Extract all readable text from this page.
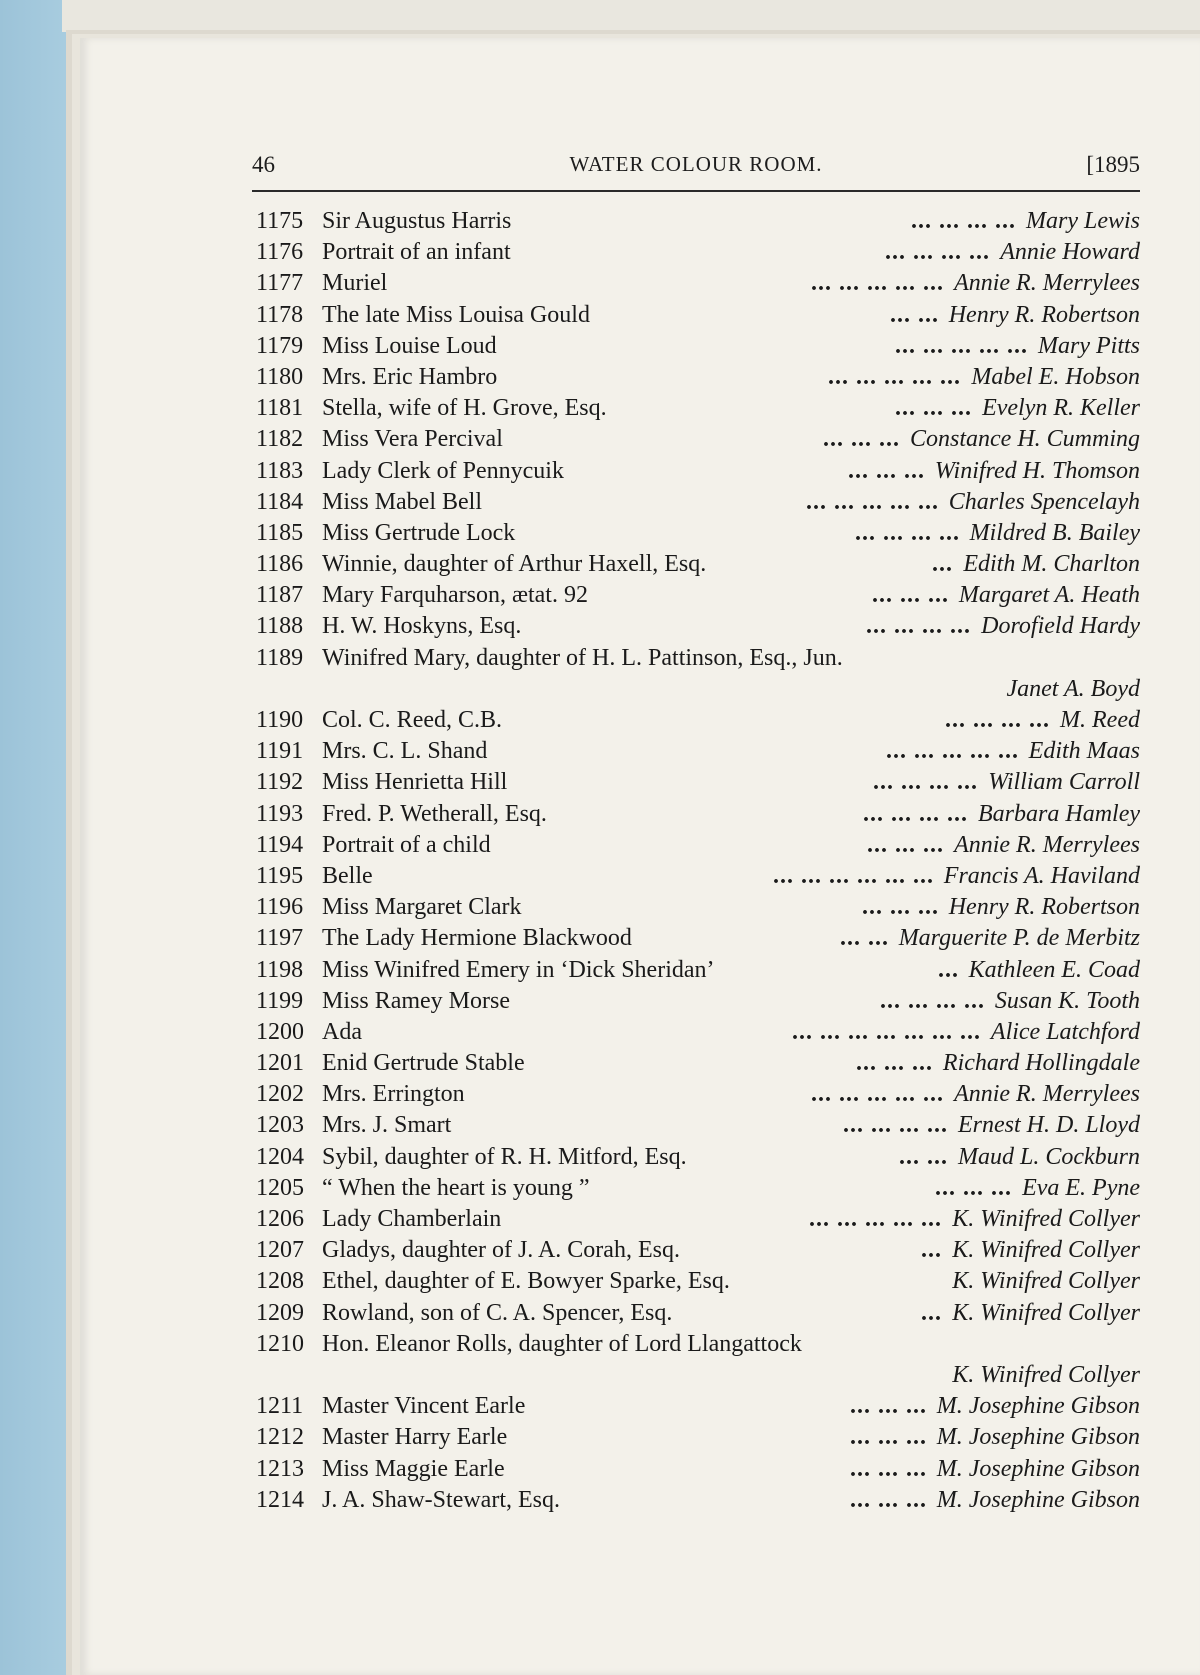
WATER COLOUR ROOM.
46	[1895
1175 Sir Augustus Harris	... ... ... ... Mary Lewis
1176 Portrait of an infant	... ... ... ... Annie Howard
1177 Muriel	... ... ... ... ... Annie R. Merrylees
1178 The late Miss Louisa Gould	... ... Henry R. Robertson
1179 Miss Louise Loud	... ... ... ... ... Mary Pitts
1180 Mrs. Eric Hambro	... ... ... ... ... Mabel E. Hobson
1181 Stella, wife of H. Grove, Esq.	... ... ... Evelyn R. Keller
1182 Miss Vera Percival	... ... ... Constance H. Cumming
1183 Lady Clerk of Pennycuik	... ... ... Winifred H. Thomson
1184 Miss Mabel Bell	... ... ... ... ... Charles Spencelayh
1185 Miss Gertrude Lock	... ... ... ... Mildred B. Bailey
1186 Winnie, daughter of Arthur Haxell, Esq.	... Edith M. Charlton
1187 Mary Farquharson, ætat. 92	... ... ... Margaret A. Heath
1188 H. W. Hoskyns, Esq.	... ... ... ... Dorofield Hardy
1189 Winifred Mary, daughter of H. L. Pattinson, Esq., Jun.
Janet A. Boyd
1190 Col. C. Reed, C.B.	... ... ... ... M. Reed
1191 Mrs. C. L. Shand	... ... ... ... ... Edith Maas
1192 Miss Henrietta Hill	... ... ... ... William Carroll
1193 Fred. P. Wetherall, Esq.	... ... ... ... Barbara Hamley
1194 Portrait of a child	... ... ... Annie R. Merrylees
1195 Belle	... ... ... ... ... ... Francis A. Haviland
1196 Miss Margaret Clark	... ... ... Henry R. Robertson
1197 The Lady Hermione Blackwood	... ... Marguerite P. de Merbitz
1198 Miss Winifred Emery in ‘Dick Sheridan’	... Kathleen E. Coad
1199 Miss Ramey Morse	... ... ... ... Susan K. Tooth
1200 Ada	... ... ... ... ... ... ... Alice Latchford
1201 Enid Gertrude Stable	... ... ... Richard Hollingdale
1202 Mrs. Errington	... ... ... ... ... Annie R. Merrylees
1203 Mrs. J. Smart	... ... ... ... Ernest H. D. Lloyd
1204 Sybil, daughter of R. H. Mitford, Esq.	... ... Maud L. Cockburn
1205 “ When the heart is young ”	... ... ... Eva E. Pyne
1206 Lady Chamberlain	... ... ... ... ... K. Winifred Collyer
1207 Gladys, daughter of J. A. Corah, Esq.	... K. Winifred Collyer
1208 Ethel, daughter of E. Bowyer Sparke, Esq.	K. Winifred Collyer
1209 Rowland, son of C. A. Spencer, Esq.	... K. Winifred Collyer
1210 Hon. Eleanor Rolls, daughter of Lord Llangattock
K. Winifred Collyer
1211 Master Vincent Earle	... ... ... M. Josephine Gibson
1212 Master Harry Earle	... ... ... M. Josephine Gibson
1213 Miss Maggie Earle	... ... ... M. Josephine Gibson
1214 J. A. Shaw-Stewart, Esq.	... ... ... M. Josephine Gibson
